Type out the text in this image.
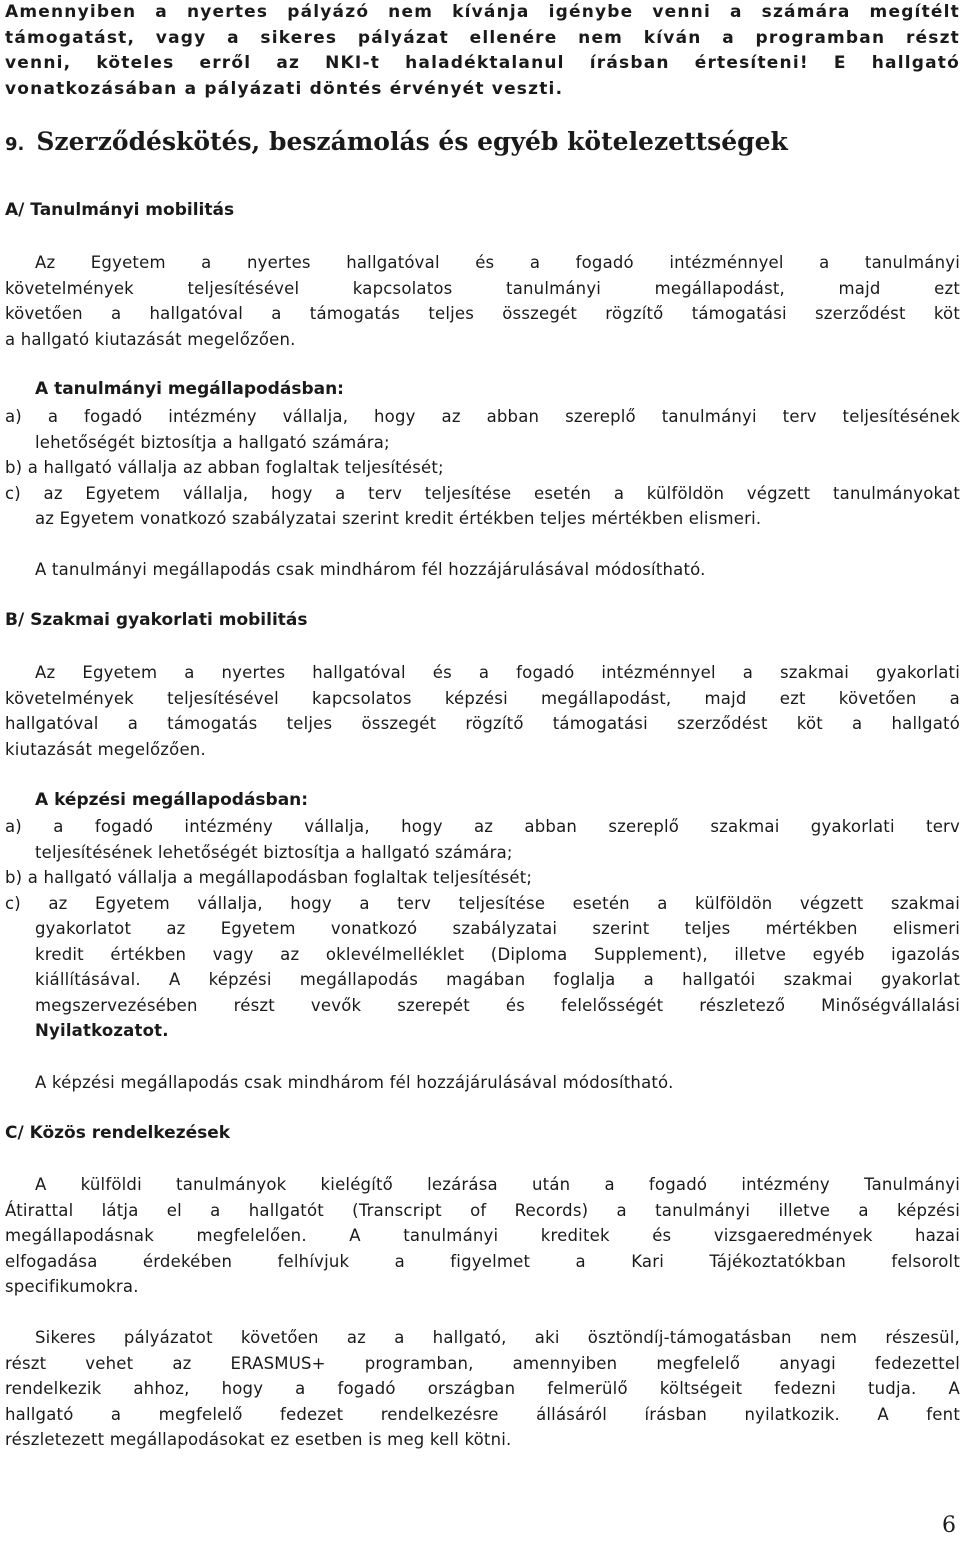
Amennyiben a nyertes pályázó nem kívánja igénybe venni a számára megítélt
támogatást, vagy a sikeres pályázat ellenére nem kíván a programban részt
venni, köteles erről az NKI-t haladéktalanul írásban értesíteni! E hallgató
vonatkozásában a pályázati döntés érvényét veszti.
9. Szerződéskötés, beszámolás és egyéb kötelezettségek
A/ Tanulmányi mobilitás
Az Egyetem a nyertes hallgatóval és a fogadó intézménnyel a tanulmányi
követelmények teljesítésével kapcsolatos tanulmányi megállapodást, majd ezt
követően a hallgatóval a támogatás teljes összegét rögzítő támogatási szerződést köt
a hallgató kiutazását megelőzően.
A tanulmányi megállapodásban:
a) a fogadó intézmény vállalja, hogy az abban szereplő tanulmányi terv teljesítésének
lehetőségét biztosítja a hallgató számára;
b) a hallgató vállalja az abban foglaltak teljesítését;
c) az Egyetem vállalja, hogy a terv teljesítése esetén a külföldön végzett tanulmányokat
az Egyetem vonatkozó szabályzatai szerint kredit értékben teljes mértékben elismeri.
A tanulmányi megállapodás csak mindhárom fél hozzájárulásával módosítható.
B/ Szakmai gyakorlati mobilitás
Az Egyetem a nyertes hallgatóval és a fogadó intézménnyel a szakmai gyakorlati
követelmények teljesítésével kapcsolatos képzési megállapodást, majd ezt követően a
hallgatóval a támogatás teljes összegét rögzítő támogatási szerződést köt a hallgató
kiutazását megelőzően.
A képzési megállapodásban:
a) a fogadó intézmény vállalja, hogy az abban szereplő szakmai gyakorlati terv
teljesítésének lehetőségét biztosítja a hallgató számára;
b) a hallgató vállalja a megállapodásban foglaltak teljesítését;
c) az Egyetem vállalja, hogy a terv teljesítése esetén a külföldön végzett szakmai
gyakorlatot az Egyetem vonatkozó szabályzatai szerint teljes mértékben elismeri
kredit értékben vagy az oklevélmelléklet (Diploma Supplement), illetve egyéb igazolás
kiállításával. A képzési megállapodás magában foglalja a hallgatói szakmai gyakorlat
megszervezésében részt vevők szerepét és felelősségét részletező Minőségvállalási
Nyilatkozatot.
A képzési megállapodás csak mindhárom fél hozzájárulásával módosítható.
C/ Közös rendelkezések
A külföldi tanulmányok kielégítő lezárása után a fogadó intézmény Tanulmányi
Átirattal látja el a hallgatót (Transcript of Records) a tanulmányi illetve a képzési
megállapodásnak megfelelően. A tanulmányi kreditek és vizsgaeredmények hazai
elfogadása érdekében felhívjuk a figyelmet a Kari Tájékoztatókban felsorolt
specifikumokra.
Sikeres pályázatot követően az a hallgató, aki ösztöndíj-támogatásban nem részesül,
részt vehet az ERASMUS+ programban, amennyiben megfelelő anyagi fedezettel
rendelkezik ahhoz, hogy a fogadó országban felmerülő költségeit fedezni tudja. A
hallgató a megfelelő fedezet rendelkezésre állásáról írásban nyilatkozik. A fent
részletezett megállapodásokat ez esetben is meg kell kötni.
6
